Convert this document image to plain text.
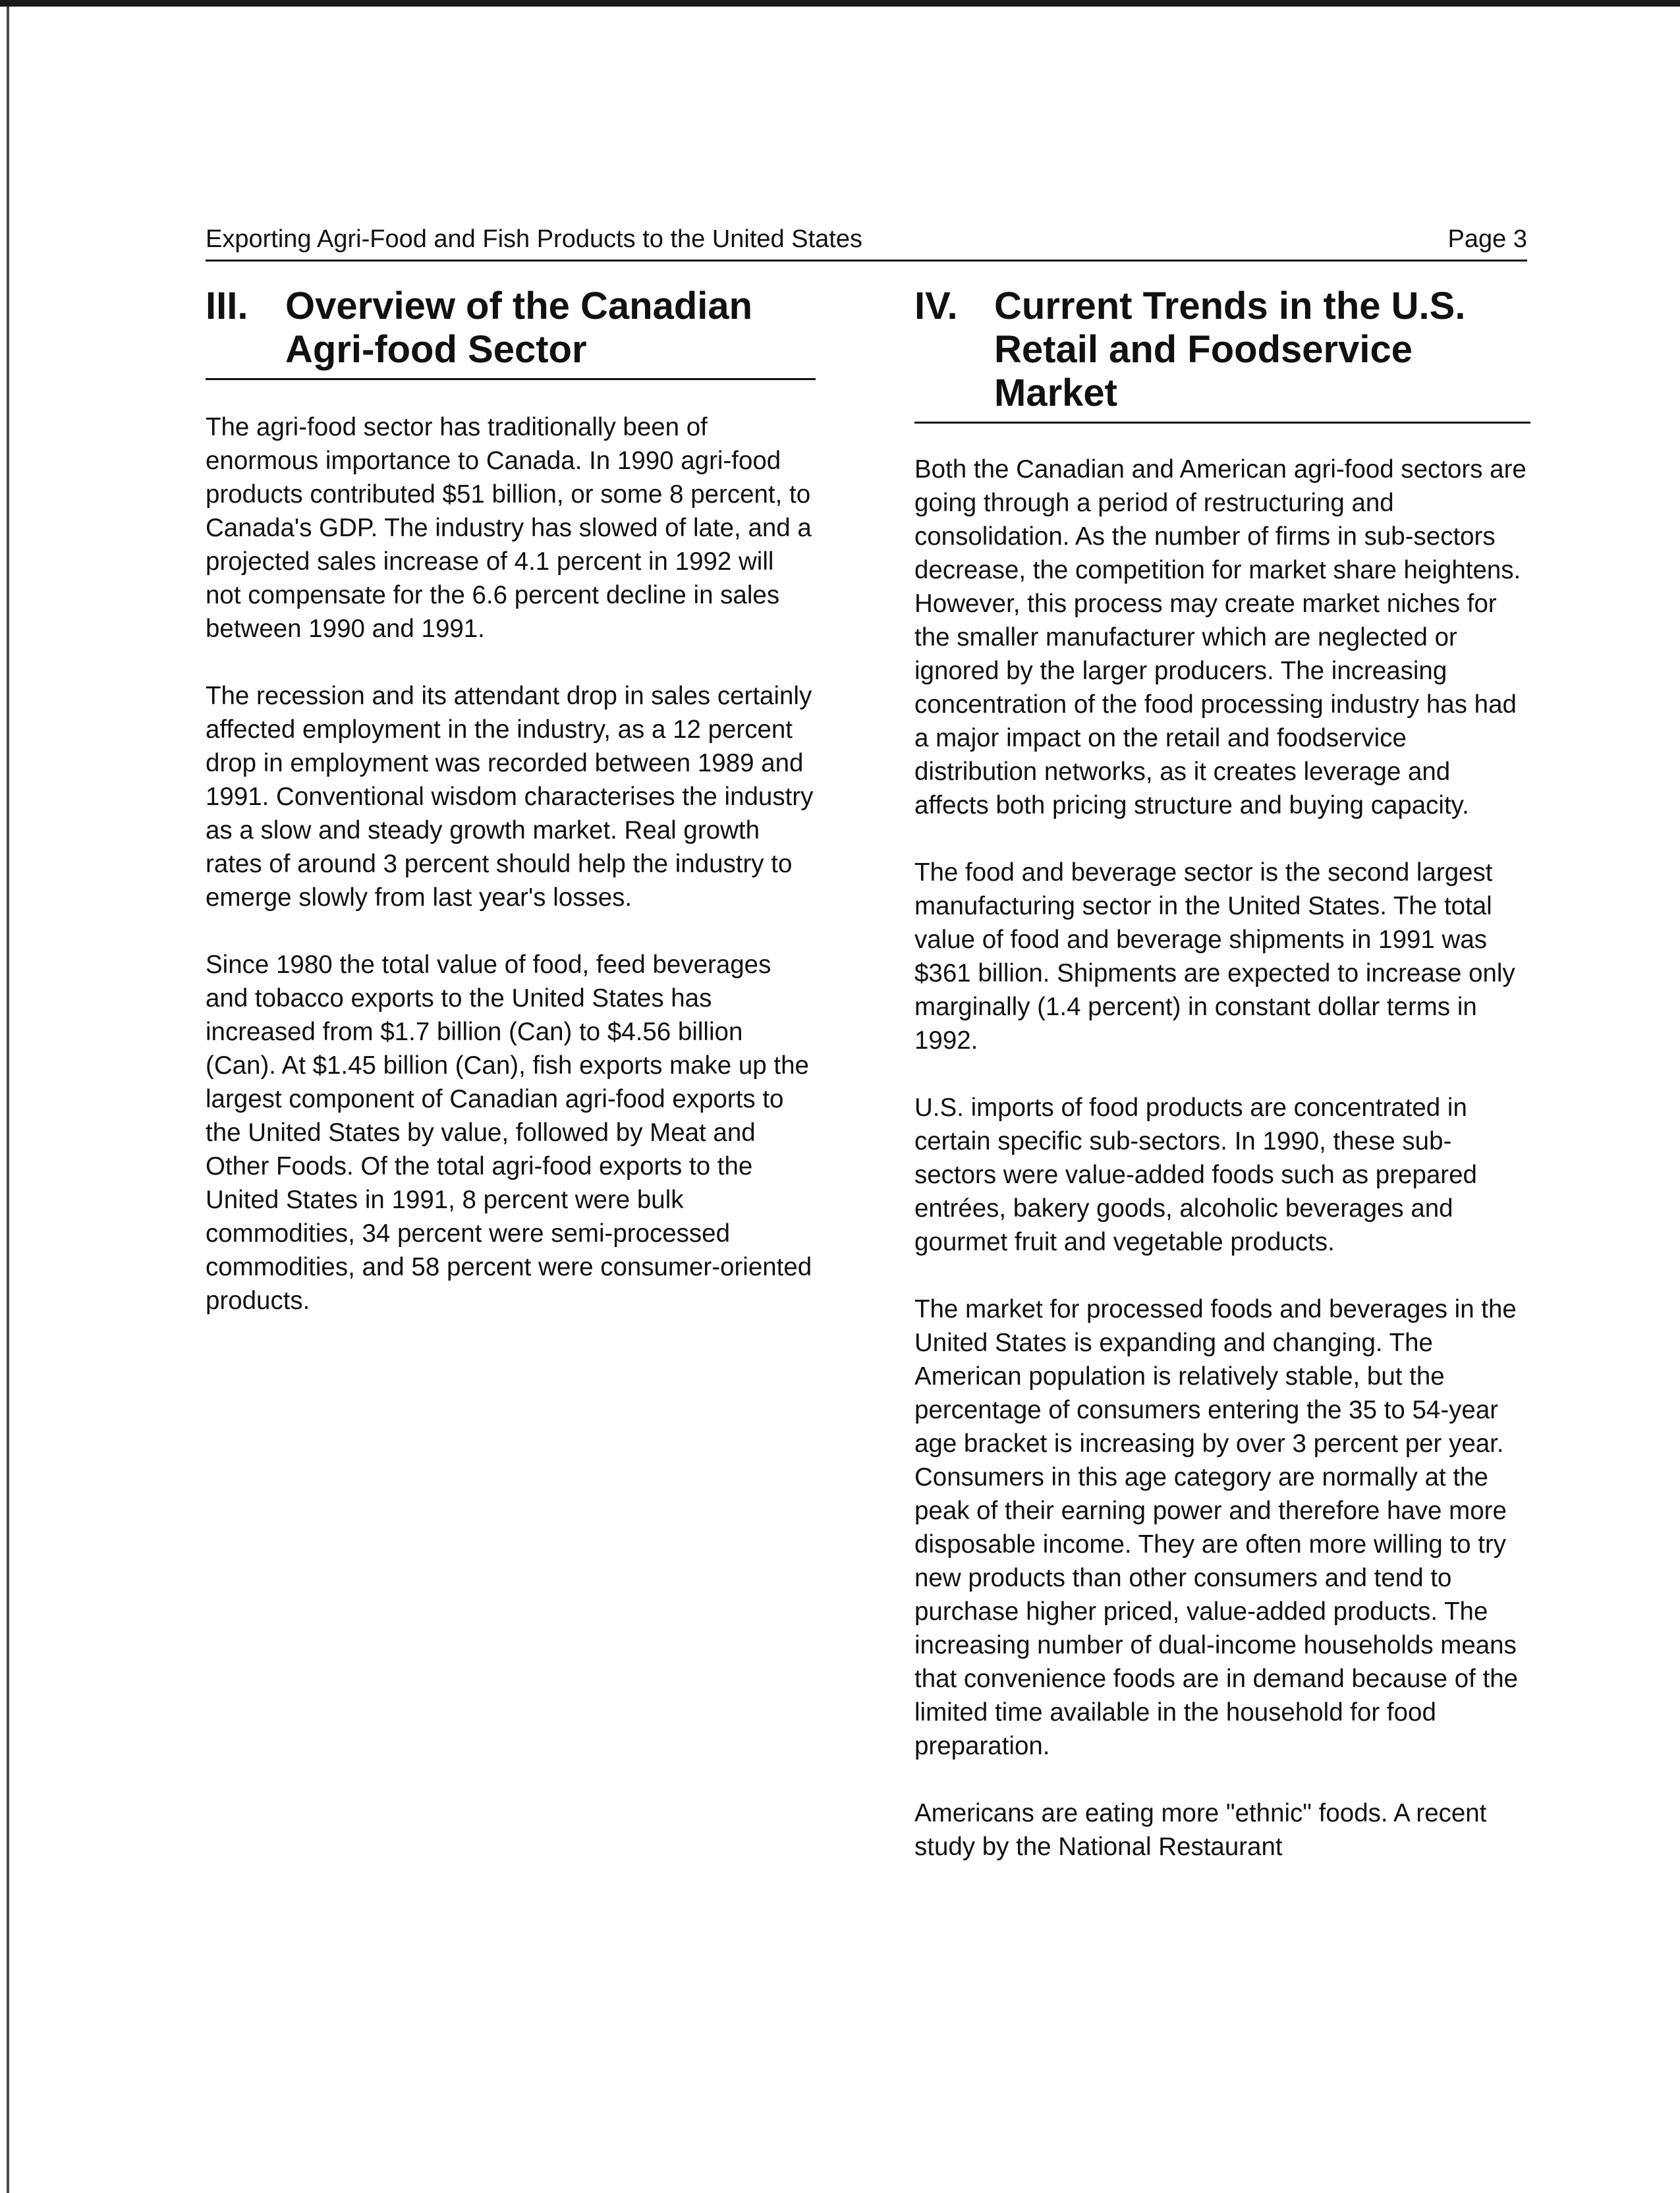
Exporting Agri-Food and Fish Products to the United States	Page 3
III. Overview of the Canadian
Agri-food Sector

The agri-food sector has traditionally been of enormous importance to Canada. In 1990 agri-food products contributed $51 billion, or some 8 percent, to Canada's GDP. The industry has slowed of late, and a projected sales increase of 4.1 percent in 1992 will not compensate for the 6.6 percent decline in sales between 1990 and 1991.

The recession and its attendant drop in sales certainly affected employment in the industry, as a 12 percent drop in employment was recorded between 1989 and 1991. Conventional wisdom characterises the industry as a slow and steady growth market. Real growth rates of around 3 percent should help the industry to emerge slowly from last year's losses.

Since 1980 the total value of food, feed beverages and tobacco exports to the United States has increased from $1.7 billion (Can) to $4.56 billion (Can). At $1.45 billion (Can), fish exports make up the largest component of Canadian agri-food exports to the United States by value, followed by Meat and Other Foods. Of the total agri-food exports to the United States in 1991, 8 percent were bulk commodities, 34 percent were semi-processed commodities, and 58 percent were consumer-oriented products.

IV. Current Trends in the U.S.
Retail and Foodservice
Market

Both the Canadian and American agri-food sectors are going through a period of restructuring and consolidation. As the number of firms in sub-sectors decrease, the competition for market share heightens. However, this process may create market niches for the smaller manufacturer which are neglected or ignored by the larger producers. The increasing concentration of the food processing industry has had a major impact on the retail and foodservice distribution networks, as it creates leverage and affects both pricing structure and buying capacity.

The food and beverage sector is the second largest manufacturing sector in the United States. The total value of food and beverage shipments in 1991 was $361 billion. Shipments are expected to increase only marginally (1.4 percent) in constant dollar terms in 1992.

U.S. imports of food products are concentrated in certain specific sub-sectors. In 1990, these sub-sectors were value-added foods such as prepared entrées, bakery goods, alcoholic beverages and gourmet fruit and vegetable products.

The market for processed foods and beverages in the United States is expanding and changing. The American population is relatively stable, but the percentage of consumers entering the 35 to 54-year age bracket is increasing by over 3 percent per year. Consumers in this age category are normally at the peak of their earning power and therefore have more disposable income. They are often more willing to try new products than other consumers and tend to purchase higher priced, value-added products. The increasing number of dual-income households means that convenience foods are in demand because of the limited time available in the household for food preparation.

Americans are eating more "ethnic" foods. A recent study by the National Restaurant
